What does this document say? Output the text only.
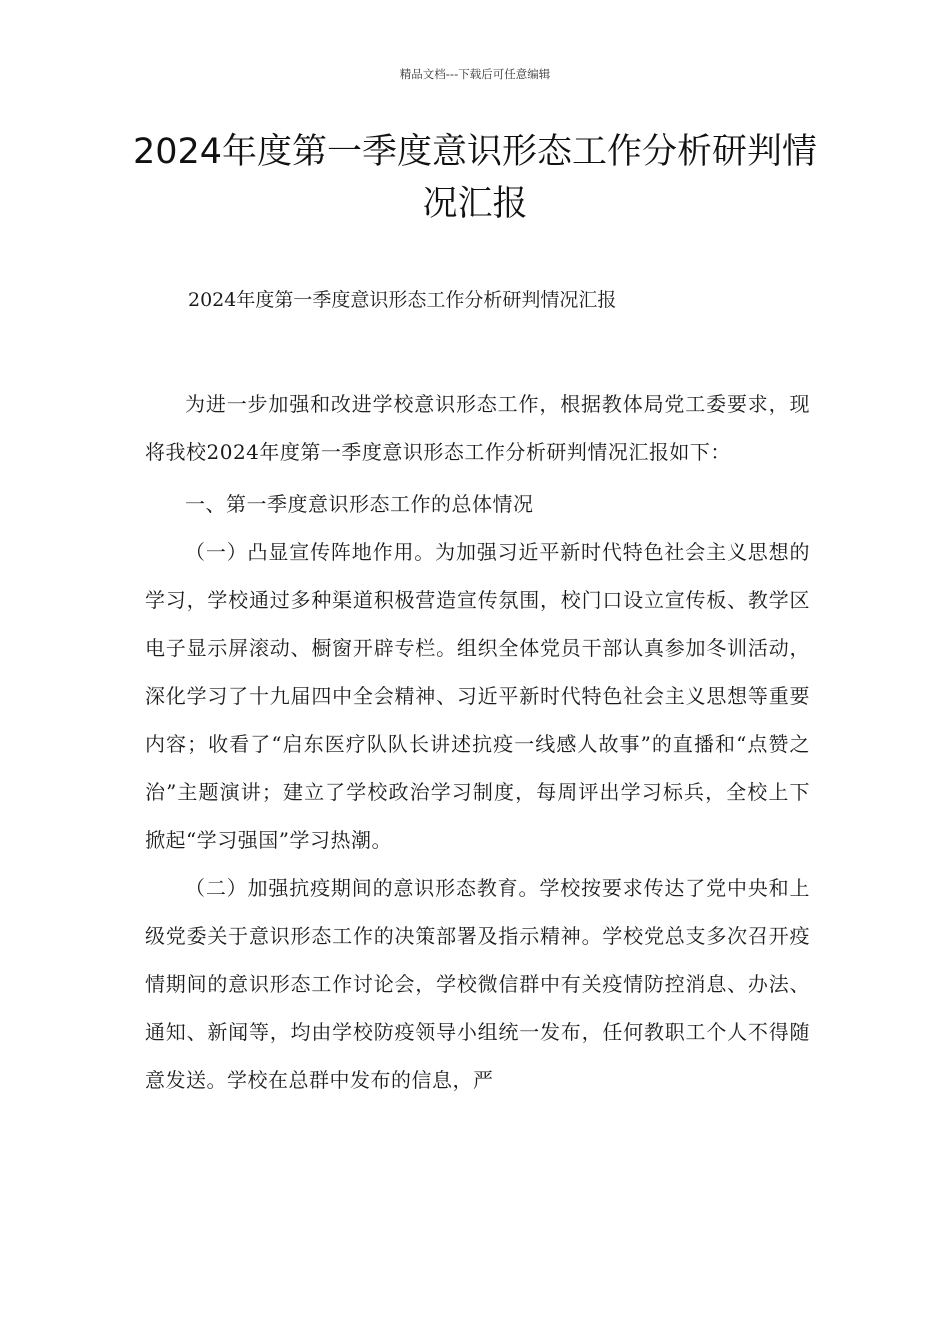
精品文档---下载后可任意编辑
2024年度第一季度意识形态工作分析研判情况汇报

2024年度第一季度意识形态工作分析研判情况汇报

为进一步加强和改进学校意识形态工作，根据教体局党工委要求，现将我校2024年度第一季度意识形态工作分析研判情况汇报如下：

一、第一季度意识形态工作的总体情况

（一）凸显宣传阵地作用。为加强习近平新时代特色社会主义思想的学习，学校通过多种渠道积极营造宣传氛围，校门口设立宣传板、教学区电子显示屏滚动、橱窗开辟专栏。组织全体党员干部认真参加冬训活动，深化学习了十九届四中全会精神、习近平新时代特色社会主义思想等重要内容；收看了“启东医疗队队长讲述抗疫一线感人故事”的直播和“点赞之治”主题演讲；建立了学校政治学习制度，每周评出学习标兵，全校上下掀起“学习强国”学习热潮。

（二）加强抗疫期间的意识形态教育。学校按要求传达了党中央和上级党委关于意识形态工作的决策部署及指示精神。学校党总支多次召开疫情期间的意识形态工作讨论会，学校微信群中有关疫情防控消息、办法、通知、新闻等，均由学校防疫领导小组统一发布，任何教职工个人不得随意发送。学校在总群中发布的信息，严
